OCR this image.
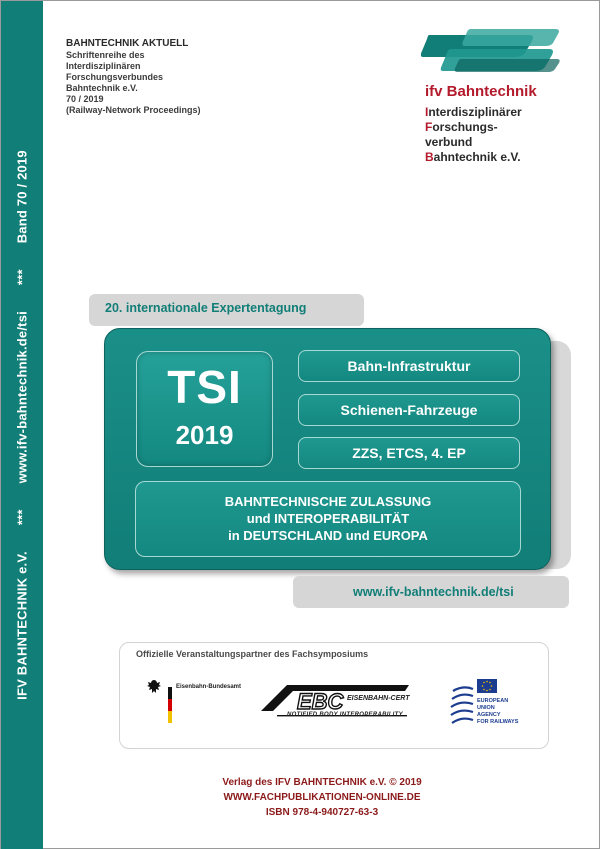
IFV BAHNTECHNIK e.V.***www.ifv-bahntechnik.de/tsi***Band 70 / 2019
BAHNTECHNIK AKTUELL
Schriftenreihe des
Interdisziplinären
Forschungsverbundes
Bahntechnik e.V.
70 / 2019
(Railway-Network Proceedings)
ifv Bahntechnik
Interdisziplinärer
Forschungs-
verbund
Bahntechnik e.V.
20. internationale Expertentagung
TSI
2019
Bahn-Infrastruktur
Schienen-Fahrzeuge
ZZS, ETCS, 4. EP
BAHNTECHNISCHE ZULASSUNG
und INTEROPERABILITÄT
in DEUTSCHLAND und EUROPA
www.ifv-bahntechnik.de/tsi
Offizielle Veranstaltungspartner des Fachsymposiums
Eisenbahn-Bundesamt
EBC EISENBAHN-CERT
NOTIFIED BODY INTEROPERABILITY
EUROPEAN
UNION
AGENCY
FOR RAILWAYS
Verlag des IFV BAHNTECHNIK e.V. © 2019
WWW.FACHPUBLIKATIONEN-ONLINE.DE
ISBN 978-4-940727-63-3
